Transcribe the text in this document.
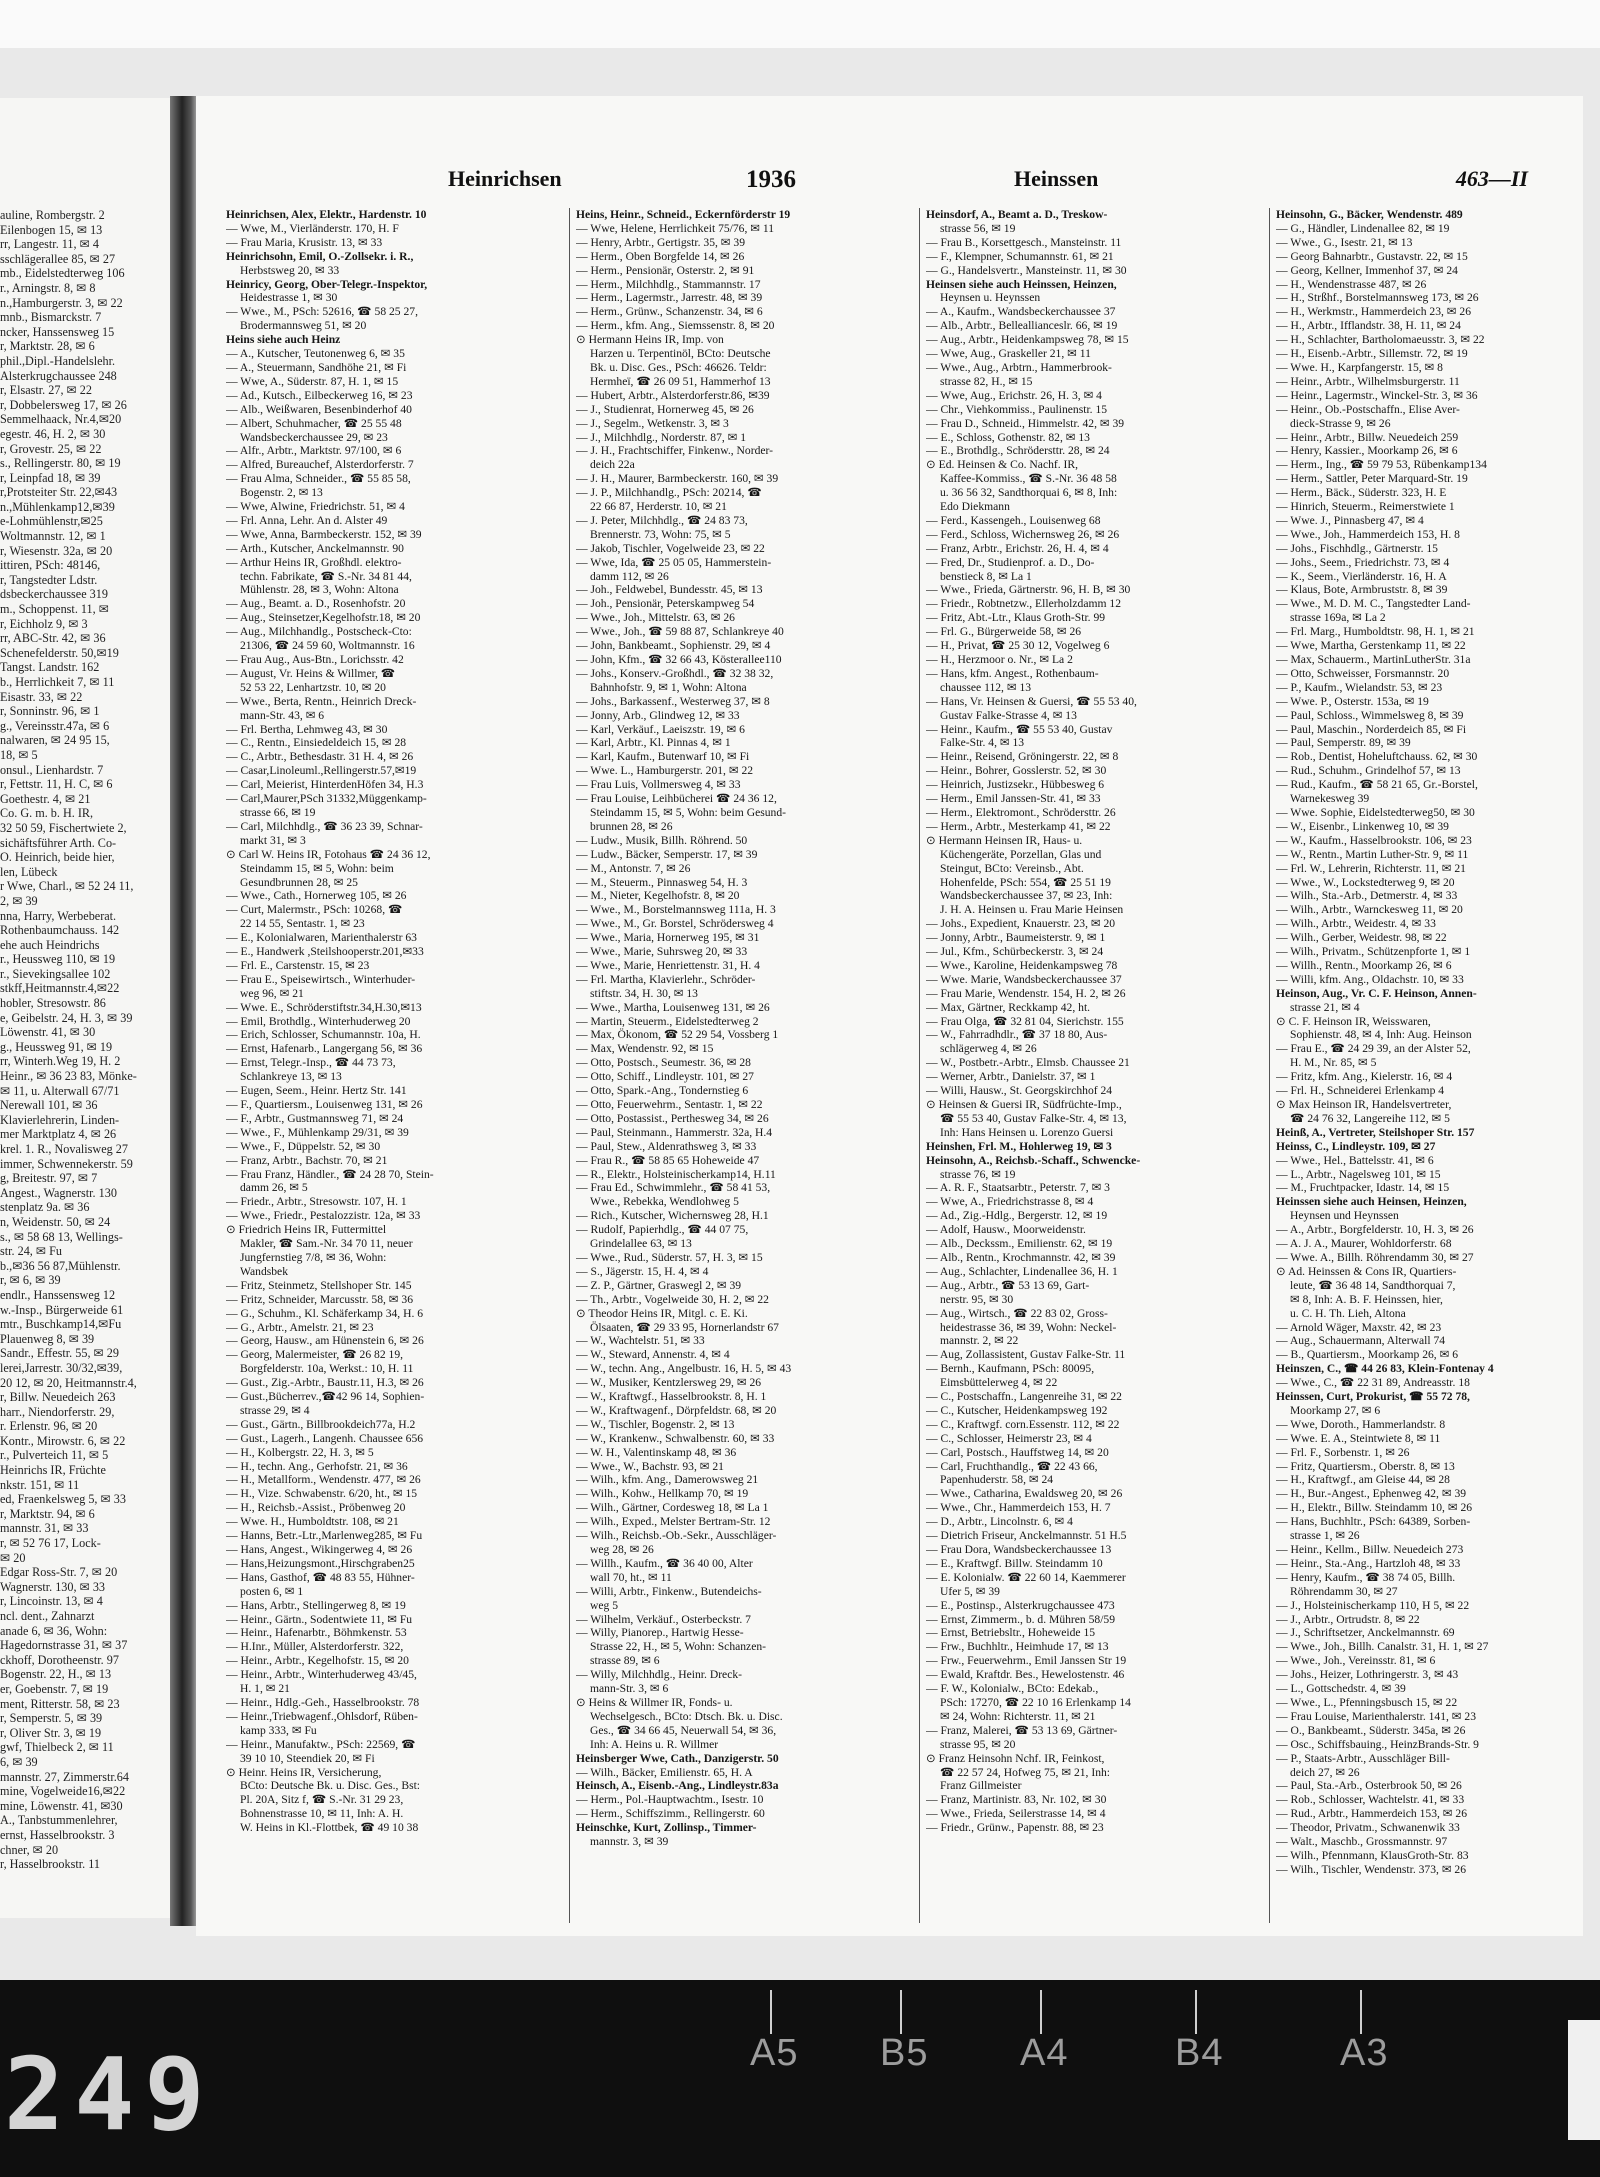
auline, Rombergstr. 2
Eilenbogen 15, ✉ 13
rr, Langestr. 11, ✉ 4
sschlägerallee 85, ✉ 27
mb., Eidelstedterweg 106
r., Arningstr. 8, ✉ 8
n.,Hamburgerstr. 3, ✉ 22
mnb., Bismarckstr. 7
ncker, Hanssensweg 15
r, Marktstr. 28, ✉ 6
phil.,Dipl.-Handelslehr.
Alsterkrugchaussee 248
r, Elsastr. 27, ✉ 22
r, Dobbelersweg 17, ✉ 26
Semmelhaack, Nr.4,✉20
egestr. 46, H. 2, ✉ 30
r, Grovestr. 25, ✉ 22
s., Rellingerstr. 80, ✉ 19
r, Leinpfad 18, ✉ 39
r,Protsteiter Str. 22,✉43
n.,Mühlenkamp12,✉39
e-Lohmühlenstr,✉25
Woltmannstr. 12, ✉ 1
r, Wiesenstr. 32a, ✉ 20
ittiren, PSch: 48146,
r, Tangstedter Ldstr.
dsbeckerchaussee 319
m., Schoppenst. 11, ✉
r, Eichholz 9, ✉ 3
rr, ABC-Str. 42, ✉ 36
Schenefelderstr. 50,✉19
Tangst. Landstr. 162
b., Herrlichkeit 7, ✉ 11
Eisastr. 33, ✉ 22
r, Sonninstr. 96, ✉ 1
g., Vereinsstr.47a, ✉ 6
nalwaren, ✉ 24 95 15,
18, ✉ 5
onsul., Lienhardstr. 7
r, Fettstr. 11, H. C, ✉ 6
Goethestr. 4, ✉ 21
Co. G. m. b. H. IR,
32 50 59, Fischertwiete 2,
sichäftsführer Arth. Co-
O. Heinrich, beide hier,
len, Lübeck
r Wwe, Charl., ✉ 52 24 11,
2, ✉ 39
nna, Harry, Werbeberat.
Rothenbaumchauss. 142
ehe auch Heindrichs
r., Heussweg 110, ✉ 19
r., Sievekingsallee 102
stkff,Heitmannstr.4,✉22
hobler, Stresowstr. 86
e, Geibelstr. 24, H. 3, ✉ 39
Löwenstr. 41, ✉ 30
g., Heussweg 91, ✉ 19
rr, Winterh.Weg 19, H. 2
Heinr., ✉ 36 23 83, Mönke-
✉ 11, u. Alterwall 67/71
Nerewall 101, ✉ 36
Klavierlehrerin, Linden-
mer Marktplatz 4, ✉ 26
krel. 1. R., Novalisweg 27
immer, Schwennekerstr. 59
g, Breitestr. 97, ✉ 7
Angest., Wagnerstr. 130
stenplatz 9a. ✉ 36
n, Weidenstr. 50, ✉ 24
s., ✉ 58 68 13, Wellings-
str. 24, ✉ Fu
b.,✉36 56 87,Mühlenstr.
r, ✉ 6, ✉ 39
endlr., Hanssensweg 12
w.-Insp., Bürgerweide 61
mtr., Buschkamp14,✉Fu
Plauenweg 8, ✉ 39
Sandr., Effestr. 55, ✉ 29
lerei,Jarrestr. 30/32,✉39,
20 12, ✉ 20, Heitmannstr.4,
r, Billw. Neuedeich 263
harr., Niendorferstr. 29,
r. Erlenstr. 96, ✉ 20
Kontr., Mirowstr. 6, ✉ 22
r., Pulverteich 11, ✉ 5
Heinrichs IR, Früchte
nkstr. 151, ✉ 11
ed, Fraenkelsweg 5, ✉ 33
r, Marktstr. 94, ✉ 6
mannstr. 31, ✉ 33
r, ✉ 52 76 17, Lock-
✉ 20
Edgar Ross-Str. 7, ✉ 20
Wagnerstr. 130, ✉ 33
r, Lincoinstr. 13, ✉ 4
ncl. dent., Zahnarzt
anade 6, ✉ 36, Wohn:
Hagedornstrasse 31, ✉ 37
ckhoff, Dorotheenstr. 97
Bogenstr. 22, H., ✉ 13
er, Goebenstr. 7, ✉ 19
ment, Ritterstr. 58, ✉ 23
r, Semperstr. 5, ✉ 39
r, Oliver Str. 3, ✉ 19
gwf, Thielbeck 2, ✉ 11
6, ✉ 39
mannstr. 27, Zimmerstr.64
mine, Vogelweide16,✉22
mine, Löwenstr. 41, ✉30
A., Tanbstummenlehrer,
ernst, Hasselbrookstr. 3
chner, ✉ 20
r, Hasselbrookstr. 11
Heinrichsen	1936	Heinssen	463—II
Heinrichsen, Alex, Elektr., Hardenstr. 10
— Wwe, M., Vierländerstr. 170, H. F
— Frau Maria, Krusistr. 13, ✉ 33
Heinrichsohn, Emil, O.-Zollsekr. i. R.,
Herbstsweg 20, ✉ 33
Heinricy, Georg, Ober-Telegr.-Inspektor,
Heidestrasse 1, ✉ 30
— Wwe., M., PSch: 52616, ☎ 58 25 27,
Brodermannsweg 51, ✉ 20
Heins siehe auch Heinz
— A., Kutscher, Teutonenweg 6, ✉ 35
— A., Steuermann, Sandhöhe 21, ✉ Fi
— Wwe, A., Süderstr. 87, H. 1, ✉ 15
— Ad., Kutsch., Eilbeckerweg 16, ✉ 23
— Alb., Weißwaren, Besenbinderhof 40
— Albert, Schuhmacher, ☎ 25 55 48
Wandsbeckerchaussee 29, ✉ 23
— Alfr., Arbtr., Marktstr. 97/100, ✉ 6
— Alfred, Bureauchef, Alsterdorferstr. 7
— Frau Alma, Schneider., ☎ 55 85 58,
Bogenstr. 2, ✉ 13
— Wwe, Alwine, Friedrichstr. 51, ✉ 4
— Frl. Anna, Lehr. An d. Alster 49
— Wwe, Anna, Barmbeckerstr. 152, ✉ 39
— Arth., Kutscher, Anckelmannstr. 90
— Arthur Heins IR, Großhdl. elektro-
techn. Fabrikate, ☎ S.-Nr. 34 81 44,
Mühlenstr. 28, ✉ 3, Wohn: Altona
— Aug., Beamt. a. D., Rosenhofstr. 20
— Aug., Steinsetzer,Kegelhofstr.18, ✉ 20
— Aug., Milchhandlg., Postscheck-Cto:
21306, ☎ 24 59 60, Woltmannstr. 16
— Frau Aug., Aus-Btn., Lorichsstr. 42
— August, Vr. Heins & Willmer, ☎
52 53 22, Lenhartzstr. 10, ✉ 20
— Wwe., Berta, Rentn., Heinrich Dreck-
mann-Str. 43, ✉ 6
— Frl. Bertha, Lehmweg 43, ✉ 30
— C., Rentn., Einsiedeldeich 15, ✉ 28
— C., Arbtr., Bethesdastr. 31 H. 4, ✉ 26
— Casar,Linoleuml.,Rellingerstr.57,✉19
— Carl, Meierist, HinterdenHöfen 34, H.3
— Carl,Maurer,PSch 31332,Müggenkamp-
strasse 66, ✉ 19
— Carl, Milchhdlg., ☎ 36 23 39, Schnar-
markt 31, ✉ 3
⊙ Carl W. Heins IR, Fotohaus ☎ 24 36 12,
Steindamm 15, ✉ 5, Wohn: beim
Gesundbrunnen 28, ✉ 25
— Wwe., Cath., Hornerweg 105, ✉ 26
— Curt, Malermstr., PSch: 10268, ☎
22 14 55, Sentastr. 1, ✉ 23
— E., Kolonialwaren, Marienthalerstr 63
— E., Handwerk ,Steilshooperstr.201,✉33
— Frl. E., Carstenstr. 15, ✉ 23
— Frau E., Speisewirtsch., Winterhuder-
weg 96, ✉ 21
— Wwe. E., Schröderstiftstr.34,H.30,✉13
— Emil, Brothdlg., Winterhuderweg 20
— Erich, Schlosser, Schumannstr. 10a, H.
— Ernst, Hafenarb., Langergang 56, ✉ 36
— Ernst, Telegr.-Insp., ☎ 44 73 73,
Schlankreye 13, ✉ 13
— Eugen, Seem., Heinr. Hertz Str. 141
— F., Quartiersm., Louisenweg 131, ✉ 26
— F., Arbtr., Gustmannsweg 71, ✉ 24
— Wwe., F., Mühlenkamp 29/31, ✉ 39
— Wwe., F., Düppelstr. 52, ✉ 30
— Franz, Arbtr., Bachstr. 70, ✉ 21
— Frau Franz, Händler., ☎ 24 28 70, Stein-
damm 26, ✉ 5
— Friedr., Arbtr., Stresowstr. 107, H. 1
— Wwe., Friedr., Pestalozzistr. 12a, ✉ 33
⊙ Friedrich Heins IR, Futtermittel
Makler, ☎ Sam.-Nr. 34 70 11, neuer
Jungfernstieg 7/8, ✉ 36, Wohn:
Wandsbek
— Fritz, Steinmetz, Stellshoper Str. 145
— Fritz, Schneider, Marcusstr. 58, ✉ 36
— G., Schuhm., Kl. Schäferkamp 34, H. 6
— G., Arbtr., Amelstr. 21, ✉ 23
— Georg, Hausw., am Hünenstein 6, ✉ 26
— Georg, Malermeister, ☎ 26 82 19,
Borgfelderstr. 10a, Werkst.: 10, H. 11
— Gust., Zig.-Arbtr., Baustr.11, H.3, ✉ 26
— Gust.,Bücherrev.,☎42 96 14, Sophien-
strasse 29, ✉ 4
— Gust., Gärtn., Billbrookdeich77a, H.2
— Gust., Lagerh., Langenh. Chaussee 656
— H., Kolbergstr. 22, H. 3, ✉ 5
— H., techn. Ang., Gerhofstr. 21, ✉ 36
— H., Metallform., Wendenstr. 477, ✉ 26
— H., Vize. Schwabenstr. 6/20, ht., ✉ 15
— H., Reichsb.-Assist., Pröbenweg 20
— Wwe. H., Humboldtstr. 108, ✉ 21
— Hanns, Betr.-Ltr.,Marlenweg285, ✉ Fu
— Hans, Angest., Wikingerweg 4, ✉ 26
— Hans,Heizungsmont.,Hirschgraben25
— Hans, Gasthof, ☎ 48 83 55, Hühner-
posten 6, ✉ 1
— Hans, Arbtr., Stellingerweg 8, ✉ 19
— Heinr., Gärtn., Sodentwiete 11, ✉ Fu
— Heinr., Hafenarbtr., Böhmkenstr. 53
— H.Inr., Müller, Alsterdorferstr. 322,
— Heinr., Arbtr., Kegelhofstr. 15, ✉ 20
— Heinr., Arbtr., Winterhuderweg 43/45,
H. 1, ✉ 21
— Heinr., Hdlg.-Geh., Hasselbrookstr. 78
— Heinr.,Triebwagenf.,Ohlsdorf, Rüben-
kamp 333, ✉ Fu
— Heinr., Manufaktw., PSch: 22569, ☎
39 10 10, Steendiek 20, ✉ Fi
⊙ Heinr. Heins IR, Versicherung,
BCto: Deutsche Bk. u. Disc. Ges., Bst:
Pl. 20A, Sitz f, ☎ S.-Nr. 31 29 23,
Bohnenstrasse 10, ✉ 11, Inh: A. H.
W. Heins in Kl.-Flottbek, ☎ 49 10 38
Heins, Heinr., Schneid., Eckernförderstr 19
— Wwe, Helene, Herrlichkeit 75/76, ✉ 11
— Henry, Arbtr., Gertigstr. 35, ✉ 39
— Herm., Oben Borgfelde 14, ✉ 26
— Herm., Pensionär, Osterstr. 2, ✉ 91
— Herm., Milchhdlg., Stammannstr. 17
— Herm., Lagermstr., Jarrestr. 48, ✉ 39
— Herm., Grünw., Schanzenstr. 34, ✉ 6
— Herm., kfm. Ang., Siemssenstr. 8, ✉ 20
⊙ Hermann Heins IR, Imp. von
Harzen u. Terpentinöl, BCto: Deutsche
Bk. u. Disc. Ges., PSch: 46626. Teldr:
Hermheï, ☎ 26 09 51, Hammerhof 13
— Hubert, Arbtr., Alsterdorferstr.86, ✉39
— J., Studienrat, Hornerweg 45, ✉ 26
— J., Segelm., Wetkenstr. 3, ✉ 3
— J., Milchhdlg., Norderstr. 87, ✉ 1
— J. H., Frachtschiffer, Finkenw., Norder-
deich 22a
— J. H., Maurer, Barmbeckerstr. 160, ✉ 39
— J. P., Milchhandlg., PSch: 20214, ☎
22 66 87, Herderstr. 10, ✉ 21
— J. Peter, Milchhdlg., ☎ 24 83 73,
Brennerstr. 73, Wohn: 75, ✉ 5
— Jakob, Tischler, Vogelweide 23, ✉ 22
— Wwe, Ida, ☎ 25 05 05, Hammerstein-
damm 112, ✉ 26
— Joh., Feldwebel, Bundesstr. 45, ✉ 13
— Joh., Pensionär, Peterskampweg 54
— Wwe., Joh., Mittelstr. 63, ✉ 26
— Wwe., Joh., ☎ 59 88 87, Schlankreye 40
— John, Bankbeamt., Sophienstr. 29, ✉ 4
— John, Kfm., ☎ 32 66 43, Kösterallee110
— Johs., Konserv.-Großhdl., ☎ 32 38 32,
Bahnhofstr. 9, ✉ 1, Wohn: Altona
— Johs., Barkassenf., Westerweg 37, ✉ 8
— Jonny, Arb., Glindweg 12, ✉ 33
— Karl, Verkäuf., Laeiszstr. 19, ✉ 6
— Karl, Arbtr., Kl. Pinnas 4, ✉ 1
— Karl, Kaufm., Butenwarf 10, ✉ Fi
— Wwe. L., Hamburgerstr. 201, ✉ 22
— Frau Luis, Vollmersweg 4, ✉ 33
— Frau Louise, Leihbücherei ☎ 24 36 12,
Steindamm 15, ✉ 5, Wohn: beim Gesund-
brunnen 28, ✉ 26
— Ludw., Musik, Billh. Röhrend. 50
— Ludw., Bäcker, Semperstr. 17, ✉ 39
— M., Antonstr. 7, ✉ 26
— M., Steuerm., Pinnasweg 54, H. 3
— M., Nieter, Kegelhofstr. 8, ✉ 20
— Wwe., M., Borstelmannsweg 111a, H. 3
— Wwe., M., Gr. Borstel, Schrödersweg 4
— Wwe., Maria, Hornerweg 195, ✉ 31
— Wwe., Marie, Suhrsweg 20, ✉ 33
— Wwe., Marie, Henriettenstr. 31, H. 4
— Frl. Martha, Klavierlehr., Schröder-
stiftstr. 34, H. 30, ✉ 13
— Wwe., Martha, Louisenweg 131, ✉ 26
— Martin, Steuerm., Eidelstedterweg 2
— Max, Ökonom, ☎ 52 29 54, Vossberg 1
— Max, Wendenstr. 92, ✉ 15
— Otto, Postsch., Seumestr. 36, ✉ 28
— Otto, Schiff., Lindleystr. 101, ✉ 27
— Otto, Spark.-Ang., Tondernstieg 6
— Otto, Feuerwehrm., Sentastr. 1, ✉ 22
— Otto, Postassist., Perthesweg 34, ✉ 26
— Paul, Steinmann., Hammerstr. 32a, H.4
— Paul, Stew., Aldenrathsweg 3, ✉ 33
— Frau R., ☎ 58 85 65 Hoheweide 47
— R., Elektr., Holsteinischerkamp14, H.11
— Frau Ed., Schwimmlehr., ☎ 58 41 53,
Wwe., Rebekka, Wendlohweg 5
— Rich., Kutscher, Wichernsweg 28, H.1
— Rudolf, Papierhdlg., ☎ 44 07 75,
Grindelallee 63, ✉ 13
— Wwe., Rud., Süderstr. 57, H. 3, ✉ 15
— S., Jägerstr. 15, H. 4, ✉ 4
— Z. P., Gärtner, Graswegl 2, ✉ 39
— Th., Arbtr., Vogelweide 30, H. 2, ✉ 22
⊙ Theodor Heins IR, Mitgl. c. E. Ki.
Ölsaaten, ☎ 29 33 95, Hornerlandstr 67
— W., Wachtelstr. 51, ✉ 33
— W., Steward, Annenstr. 4, ✉ 4
— W., techn. Ang., Angelbustr. 16, H. 5, ✉ 43
— W., Musiker, Kentzlersweg 29, ✉ 26
— W., Kraftwgf., Hasselbrookstr. 8, H. 1
— W., Kraftwagenf., Dörpfeldstr. 68, ✉ 20
— W., Tischler, Bogenstr. 2, ✉ 13
— W., Krankenw., Schwalbenstr. 60, ✉ 33
— W. H., Valentinskamp 48, ✉ 36
— Wwe., W., Bachstr. 93, ✉ 21
— Wilh., kfm. Ang., Damerowsweg 21
— Wilh., Kohw., Hellkamp 70, ✉ 19
— Wilh., Gärtner, Cordesweg 18, ✉ La 1
— Wilh., Exped., Melster Bertram-Str. 12
— Wilh., Reichsb.-Ob.-Sekr., Ausschläger-
weg 28, ✉ 26
— Willh., Kaufm., ☎ 36 40 00, Alter
wall 70, ht., ✉ 11
— Willi, Arbtr., Finkenw., Butendeichs-
weg 5
— Wilhelm, Verkäuf., Osterbeckstr. 7
— Willy, Pianorep., Hartwig Hesse-
Strasse 22, H., ✉ 5, Wohn: Schanzen-
strasse 89, ✉ 6
— Willy, Milchhdlg., Heinr. Dreck-
mann-Str. 3, ✉ 6
⊙ Heins & Willmer IR, Fonds- u.
Wechselgesch., BCto: Dtsch. Bk. u. Disc.
Ges., ☎ 34 66 45, Neuerwall 54, ✉ 36,
Inh: A. Heins u. R. Willmer
Heinsberger Wwe, Cath., Danzigerstr. 50
— Wilh., Bäcker, Emilienstr. 65, H. A
Heinsch, A., Eisenb.-Ang., Lindleystr.83a
— Herm., Pol.-Hauptwachtm., Isestr. 10
— Herm., Schiffszimm., Rellingerstr. 60
Heinschke, Kurt, Zollinsp., Timmer-
mannstr. 3, ✉ 39
Heinsdorf, A., Beamt a. D., Treskow-
strasse 56, ✉ 19
— Frau B., Korsettgesch., Mansteinstr. 11
— F., Klempner, Schumannstr. 61, ✉ 21
— G., Handelsvertr., Mansteinstr. 11, ✉ 30
Heinsen siehe auch Heinssen, Heinzen,
Heynsen u. Heynssen
— A., Kaufm., Wandsbeckerchaussee 37
— Alb., Arbtr., Belleallianceslr. 66, ✉ 19
— Aug., Arbtr., Heidenkampsweg 78, ✉ 15
— Wwe, Aug., Graskeller 21, ✉ 11
— Wwe., Aug., Arbtrn., Hammerbrook-
strasse 82, H., ✉ 15
— Wwe, Aug., Erichstr. 26, H. 3, ✉ 4
— Chr., Viehkommiss., Paulinenstr. 15
— Frau D., Schneid., Himmelstr. 42, ✉ 39
— E., Schloss, Gothenstr. 82, ✉ 13
— E., Brothdlg., Schrödersttr. 28, ✉ 24
⊙ Ed. Heinsen & Co. Nachf. IR,
Kaffee-Kommiss., ☎ S.-Nr. 36 48 58
u. 36 56 32, Sandthorquai 6, ✉ 8, Inh:
Edo Diekmann
— Ferd., Kassengeh., Louisenweg 68
— Ferd., Schloss, Wichernsweg 26, ✉ 26
— Franz, Arbtr., Erichstr. 26, H. 4, ✉ 4
— Fred, Dr., Studienprof. a. D., Do-
benstieck 8, ✉ La 1
— Wwe., Frieda, Gärtnerstr. 96, H. B, ✉ 30
— Friedr., Robtnetzw., Ellerholzdamm 12
— Fritz, Abt.-Ltr., Klaus Groth-Str. 99
— Frl. G., Bürgerweide 58, ✉ 26
— H., Privat, ☎ 25 30 12, Vogelweg 6
— H., Herzmoor o. Nr., ✉ La 2
— Hans, kfm. Angest., Rothenbaum-
chaussee 112, ✉ 13
— Hans, Vr. Heinsen & Guersi, ☎ 55 53 40,
Gustav Falke-Strasse 4, ✉ 13
— Heinr., Kaufm., ☎ 55 53 40, Gustav
Falke-Str. 4, ✉ 13
— Heinr., Reisend, Gröningerstr. 22, ✉ 8
— Heinr., Bohrer, Gosslerstr. 52, ✉ 30
— Heinrich, Justizsekr., Hübbesweg 6
— Herm., Emil Janssen-Str. 41, ✉ 33
— Herm., Elektromont., Schrödersttr. 26
— Herm., Arbtr., Mesterkamp 41, ✉ 22
⊙ Hermann Heinsen IR, Haus- u.
Küchengeräte, Porzellan, Glas und
Steingut, BCto: Vereinsb., Abt.
Hohenfelde, PSch: 554, ☎ 25 51 19
Wandsbeckerchaussee 37, ✉ 23, Inh:
J. H. A. Heinsen u. Frau Marie Heinsen
— Johs., Expedient, Knauerstr. 23, ✉ 20
— Jonny, Arbtr., Baumeisterstr. 9, ✉ 1
— Jul., Kfm., Schürbeckerstr. 3, ✉ 24
— Wwe., Karoline, Heidenkampsweg 78
— Wwe. Marie, Wandsbeckerchaussee 37
— Frau Marie, Wendenstr. 154, H. 2, ✉ 26
— Max, Gärtner, Reckkamp 42, ht.
— Frau Olga, ☎ 32 81 04, Sierichstr. 155
— W., Fahrradhdlr., ☎ 37 18 80, Aus-
schlägerweg 4, ✉ 26
— W., Postbetr.-Arbtr., Elmsb. Chaussee 21
— Werner, Arbtr., Danielstr. 37, ✉ 1
— Willi, Hausw., St. Georgskirchhof 24
⊙ Heinsen & Guersi IR, Südfrüchte-Imp.,
☎ 55 53 40, Gustav Falke-Str. 4, ✉ 13,
Inh: Hans Heinsen u. Lorenzo Guersi
Heinshen, Frl. M., Hohlerweg 19, ✉ 3
Heinsohn, A., Reichsb.-Schaff., Schwencke-
strasse 76, ✉ 19
— A. R. F., Staatsarbtr., Peterstr. 7, ✉ 3
— Wwe, A., Friedrichstrasse 8, ✉ 4
— Ad., Zig.-Hdlg., Bergerstr. 12, ✉ 19
— Adolf, Hausw., Moorweidenstr.
— Alb., Deckssm., Emilienstr. 62, ✉ 19
— Alb., Rentn., Krochmannstr. 42, ✉ 39
— Aug., Schlachter, Lindenallee 36, H. 1
— Aug., Arbtr., ☎ 53 13 69, Gart-
nerstr. 95, ✉ 30
— Aug., Wirtsch., ☎ 22 83 02, Gross-
heidestrasse 36, ✉ 39, Wohn: Neckel-
mannstr. 2, ✉ 22
— Aug, Zollassistent, Gustav Falke-Str. 11
— Bernh., Kaufmann, PSch: 80095,
Eimsbüttelerweg 4, ✉ 22
— C., Postschaffn., Langenreihe 31, ✉ 22
— C., Kutscher, Heidenkampsweg 192
— C., Kraftwgf. corn.Essenstr. 112, ✉ 22
— C., Schlosser, Heimerstr 23, ✉ 4
— Carl, Postsch., Hauffstweg 14, ✉ 20
— Carl, Fruchthandlg., ☎ 22 43 66,
Papenhuderstr. 58, ✉ 24
— Wwe., Catharina, Ewaldsweg 20, ✉ 26
— Wwe., Chr., Hammerdeich 153, H. 7
— D., Arbtr., Lincolnstr. 6, ✉ 4
— Dietrich Friseur, Anckelmannstr. 51 H.5
— Frau Dora, Wandsbeckerchaussee 13
— E., Kraftwgf. Billw. Steindamm 10
— E. Kolonialw. ☎ 22 60 14, Kaemmerer
Ufer 5, ✉ 39
— E., Postinsp., Alsterkrugchaussee 473
— Ernst, Zimmerm., b. d. Mühren 58/59
— Ernst, Betriebsltr., Hoheweide 15
— Frw., Buchhltr., Heimhude 17, ✉ 13
— Frw., Feuerwehrm., Emil Janssen Str 19
— Ewald, Kraftdr. Bes., Hewelostenstr. 46
— F. W., Kolonialw., BCto: Edekab.,
PSch: 17270, ☎ 22 10 16 Erlenkamp 14
✉ 24, Wohn: Richterstr. 11, ✉ 21
— Franz, Malerei, ☎ 53 13 69, Gärtner-
strasse 95, ✉ 20
⊙ Franz Heinsohn Nchf. IR, Feinkost,
☎ 22 57 24, Hofweg 75, ✉ 21, Inh:
Franz Gillmeister
— Franz, Martinistr. 83, Nr. 102, ✉ 30
— Wwe., Frieda, Seilerstrasse 14, ✉ 4
— Friedr., Grünw., Papenstr. 88, ✉ 23
Heinsohn, G., Bäcker, Wendenstr. 489
— G., Händler, Lindenallee 82, ✉ 19
— Wwe., G., Isestr. 21, ✉ 13
— Georg Bahnarbtr., Gustavstr. 22, ✉ 15
— Georg, Kellner, Immenhof 37, ✉ 24
— H., Wendenstrasse 487, ✉ 26
— H., Strßhf., Borstelmannsweg 173, ✉ 26
— H., Werkmstr., Hammerdeich 23, ✉ 26
— H., Arbtr., Ifflandstr. 38, H. 11, ✉ 24
— H., Schlachter, Bartholomaeusstr. 3, ✉ 22
— H., Eisenb.-Arbtr., Sillemstr. 72, ✉ 19
— Wwe. H., Karpfangerstr. 15, ✉ 8
— Heinr., Arbtr., Wilhelmsburgerstr. 11
— Heinr., Lagermstr., Winckel-Str. 3, ✉ 36
— Heinr., Ob.-Postschaffn., Elise Aver-
dieck-Strasse 9, ✉ 26
— Heinr., Arbtr., Billw. Neuedeich 259
— Henry, Kassier., Moorkamp 26, ✉ 6
— Herm., Ing., ☎ 59 79 53, Rübenkamp134
— Herm., Sattler, Peter Marquard-Str. 19
— Herm., Bäck., Süderstr. 323, H. E
— Hinrich, Steuerm., Reimerstwiete 1
— Wwe. J., Pinnasberg 47, ✉ 4
— Wwe., Joh., Hammerdeich 153, H. 8
— Johs., Fischhdlg., Gärtnerstr. 15
— Johs., Seem., Friedrichstr. 73, ✉ 4
— K., Seem., Vierländerstr. 16, H. A
— Klaus, Bote, Armbruststr. 8, ✉ 39
— Wwe., M. D. M. C., Tangstedter Land-
strasse 169a, ✉ La 2
— Frl. Marg., Humboldtstr. 98, H. 1, ✉ 21
— Wwe, Martha, Gerstenkamp 11, ✉ 22
— Max, Schauerm., MartinLutherStr. 31a
— Otto, Schweisser, Forsmannstr. 20
— P., Kaufm., Wielandstr. 53, ✉ 23
— Wwe. P., Osterstr. 153a, ✉ 19
— Paul, Schloss., Wimmelsweg 8, ✉ 39
— Paul, Maschin., Norderdeich 85, ✉ Fi
— Paul, Semperstr. 89, ✉ 39
— Rob., Dentist, Hoheluftchauss. 62, ✉ 30
— Rud., Schuhm., Grindelhof 57, ✉ 13
— Rud., Kaufm., ☎ 58 21 65, Gr.-Borstel,
Warnekesweg 39
— Wwe. Sophie, Eidelstedterweg50, ✉ 30
— W., Eisenbr., Linkenweg 10, ✉ 39
— W., Kaufm., Hasselbrookstr. 106, ✉ 23
— W., Rentn., Martin Luther-Str. 9, ✉ 11
— Frl. W., Lehrerin, Richterstr. 11, ✉ 21
— Wwe., W., Lockstedterweg 9, ✉ 20
— Wilh., Sta.-Arb., Detmerstr. 4, ✉ 33
— Wilh., Arbtr., Warnckesweg 11, ✉ 20
— Wilh., Arbtr., Weidestr. 4, ✉ 33
— Wilh., Gerber, Weidestr. 98, ✉ 22
— Wilh., Privatm., Schützenpforte 1, ✉ 1
— Willh., Rentn., Moorkamp 26, ✉ 6
— Willi, kfm. Ang., Oldachstr. 10, ✉ 33
Heinson, Aug., Vr. C. F. Heinson, Annen-
strasse 21, ✉ 4
⊙ C. F. Heinson IR, Weisswaren,
Sophienstr. 48, ✉ 4, Inh: Aug. Heinson
— Frau E., ☎ 24 29 39, an der Alster 52,
H. M., Nr. 85, ✉ 5
— Fritz, kfm. Ang., Kielerstr. 16, ✉ 4
— Frl. H., Schneiderei Erlenkamp 4
⊙ Max Heinson IR, Handelsvertreter,
☎ 24 76 32, Langereihe 112, ✉ 5
Heinß, A., Vertreter, Steilshoper Str. 157
Heinss, C., Lindleystr. 109, ✉ 27
— Wwe., Hel., Battelsstr. 41, ✉ 6
— L., Arbtr., Nagelsweg 101, ✉ 15
— M., Fruchtpacker, Idastr. 14, ✉ 15
Heinssen siehe auch Heinsen, Heinzen,
Heynsen und Heynssen
— A., Arbtr., Borgfelderstr. 10, H. 3, ✉ 26
— A. J. A., Maurer, Wohldorferstr. 68
— Wwe. A., Billh. Röhrendamm 30, ✉ 27
⊙ Ad. Heinssen & Cons IR, Quartiers-
leute, ☎ 36 48 14, Sandthorquai 7,
✉ 8, Inh: A. B. F. Heinssen, hier,
u. C. H. Th. Lieh, Altona
— Arnold Wäger, Maxstr. 42, ✉ 23
— Aug., Schauermann, Alterwall 74
— B., Quartiersm., Moorkamp 26, ✉ 6
Heinszen, C., ☎ 44 26 83, Klein-Fontenay 4
— Wwe., C., ☎ 22 31 89, Andreasstr. 18
Heinssen, Curt, Prokurist, ☎ 55 72 78,
Moorkamp 27, ✉ 6
— Wwe, Doroth., Hammerlandstr. 8
— Wwe. E. A., Steintwiete 8, ✉ 11
— Frl. F., Sorbenstr. 1, ✉ 26
— Fritz, Quartiersm., Oberstr. 8, ✉ 13
— H., Kraftwgf., am Gleise 44, ✉ 28
— H., Bur.-Angest., Ephenweg 42, ✉ 39
— H., Elektr., Billw. Steindamm 10, ✉ 26
— Hans, Buchhltr., PSch: 64389, Sorben-
strasse 1, ✉ 26
— Heinr., Kellm., Billw. Neuedeich 273
— Heinr., Sta.-Ang., Hartzloh 48, ✉ 33
— Henry, Kaufm., ☎ 38 74 05, Billh.
Röhrendamm 30, ✉ 27
— J., Holsteinischerkamp 110, H 5, ✉ 22
— J., Arbtr., Ortrudstr. 8, ✉ 22
— J., Schriftsetzer, Anckelmannstr. 69
— Wwe., Joh., Billh. Canalstr. 31, H. 1, ✉ 27
— Wwe., Joh., Vereinsstr. 81, ✉ 6
— Johs., Heizer, Lothringerstr. 3, ✉ 43
— L., Gottschedstr. 4, ✉ 39
— Wwe., L., Pfenningsbusch 15, ✉ 22
— Frau Louise, Marienthalerstr. 141, ✉ 23
— O., Bankbeamt., Süderstr. 345a, ✉ 26
— Osc., Schiffsbauing., HeinzBrands-Str. 9
— P., Staats-Arbtr., Ausschläger Bill-
deich 27, ✉ 26
— Paul, Sta.-Arb., Osterbrook 50, ✉ 26
— Rob., Schlosser, Wachtelstr. 41, ✉ 33
— Rud., Arbtr., Hammerdeich 153, ✉ 26
— Theodor, Privatm., Schwanenwik 33
— Walt., Maschb., Grossmannstr. 97
— Wilh., Pfennmann, KlausGroth-Str. 83
— Wilh., Tischler, Wendenstr. 373, ✉ 26
249	A5 B5 A4	B4	A3
